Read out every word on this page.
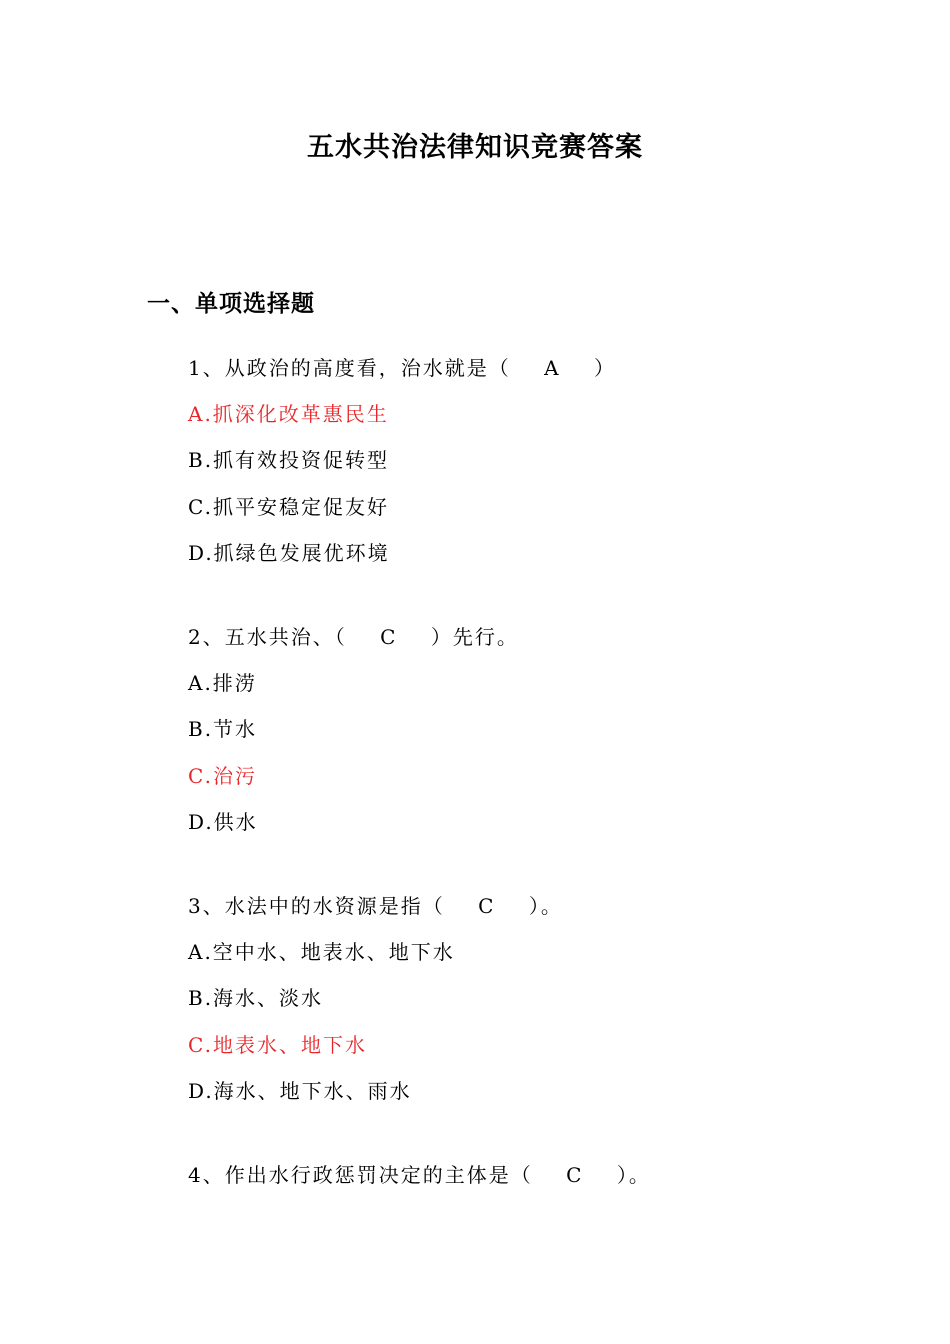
五水共治法律知识竞赛答案
一、单项选择题
1、从政治的高度看，治水就是（    A    ）
A.抓深化改革惠民生
B.抓有效投资促转型
C.抓平安稳定促友好
D.抓绿色发展优环境
2、五水共治、（    C    ）先行。
A.排涝
B.节水
C.治污
D.供水
3、水法中的水资源是指（    C    ）。
A.空中水、地表水、地下水
B.海水、淡水
C.地表水、地下水
D.海水、地下水、雨水
4、作出水行政惩罚决定的主体是（    C    ）。
